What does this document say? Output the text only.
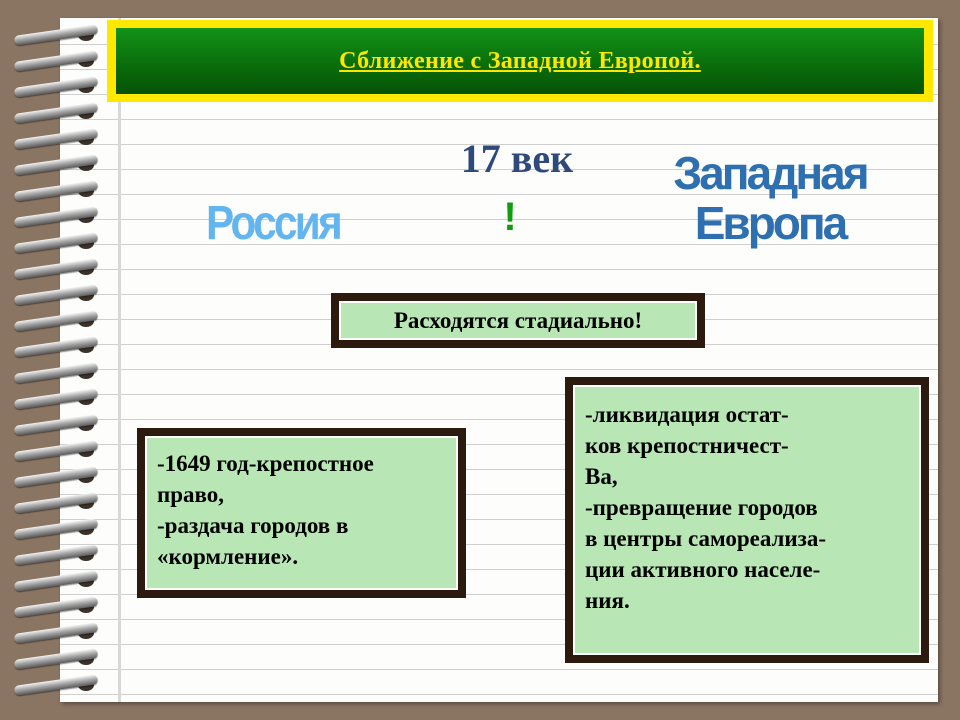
Сближение с Западной Европой.
17 век
!
Россия
Западная
Европа
Расходятся стадиально!
-1649 год-крепостное
право,
-раздача городов в
«кормление».
-ликвидация остат-
ков крепостничест-
Ва,
-превращение городов
в центры самореализа-
ции активного населе-
ния.
